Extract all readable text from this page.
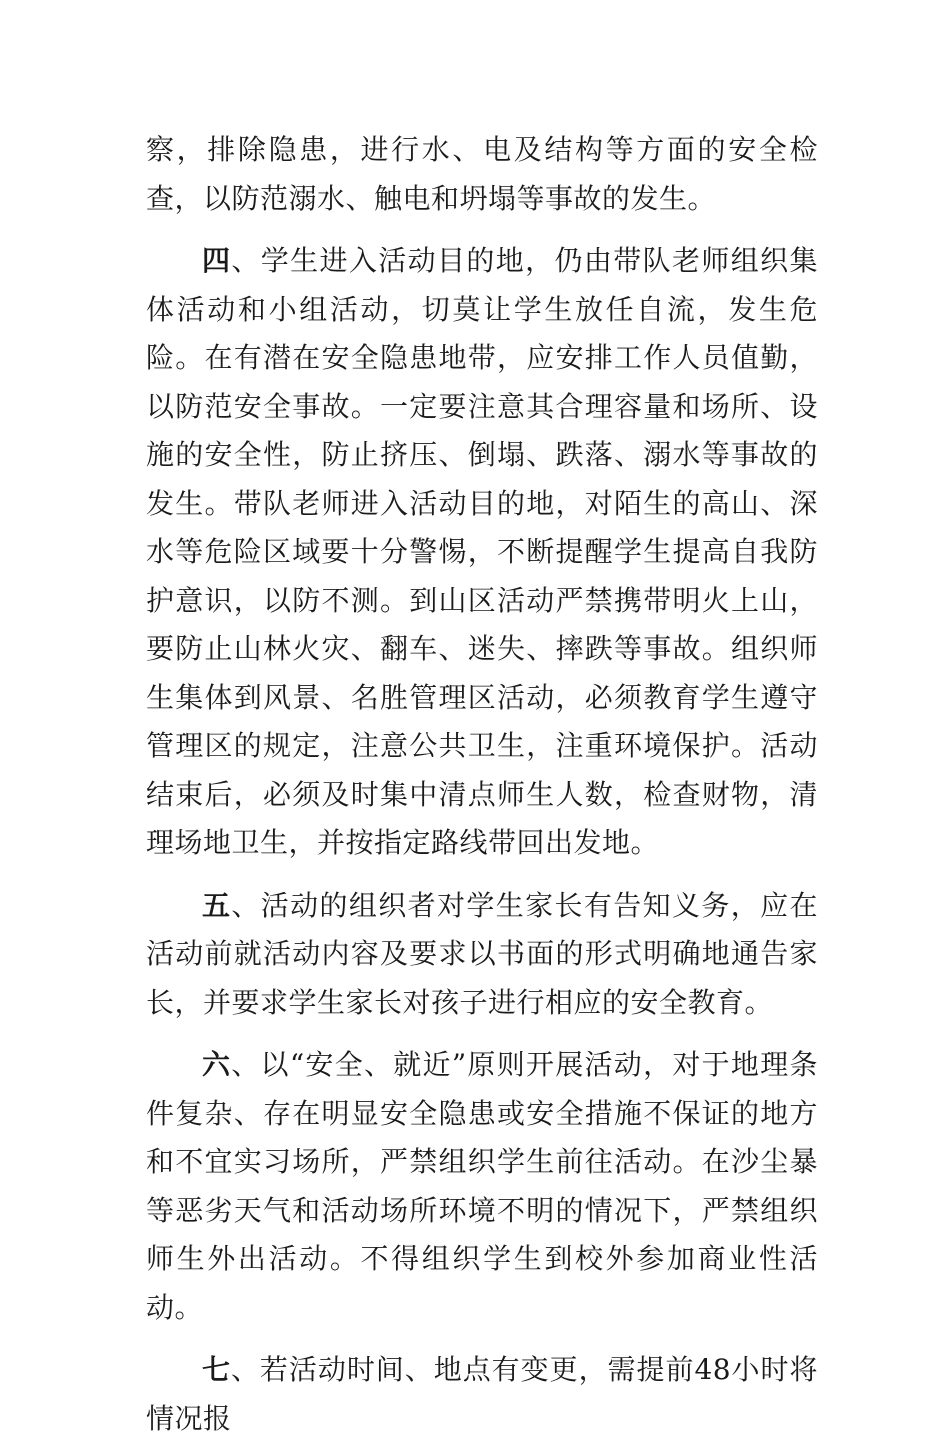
察，排除隐患，进行水、电及结构等方面的安全检查，以防范溺水、触电和坍塌等事故的发生。

四、学生进入活动目的地，仍由带队老师组织集体活动和小组活动，切莫让学生放任自流，发生危险。在有潜在安全隐患地带，应安排工作人员值勤，以防范安全事故。一定要注意其合理容量和场所、设施的安全性，防止挤压、倒塌、跌落、溺水等事故的发生。带队老师进入活动目的地，对陌生的高山、深水等危险区域要十分警惕，不断提醒学生提高自我防护意识，以防不测。到山区活动严禁携带明火上山，要防止山林火灾、翻车、迷失、摔跌等事故。组织师生集体到风景、名胜管理区活动，必须教育学生遵守管理区的规定，注意公共卫生，注重环境保护。活动结束后，必须及时集中清点师生人数，检查财物，清理场地卫生，并按指定路线带回出发地。

五、活动的组织者对学生家长有告知义务，应在活动前就活动内容及要求以书面的形式明确地通告家长，并要求学生家长对孩子进行相应的安全教育。

六、以“安全、就近”原则开展活动，对于地理条件复杂、存在明显安全隐患或安全措施不保证的地方和不宜实习场所，严禁组织学生前往活动。在沙尘暴等恶劣天气和活动场所环境不明的情况下，严禁组织师生外出活动。不得组织学生到校外参加商业性活动。

七、若活动时间、地点有变更，需提前48小时将情况报
